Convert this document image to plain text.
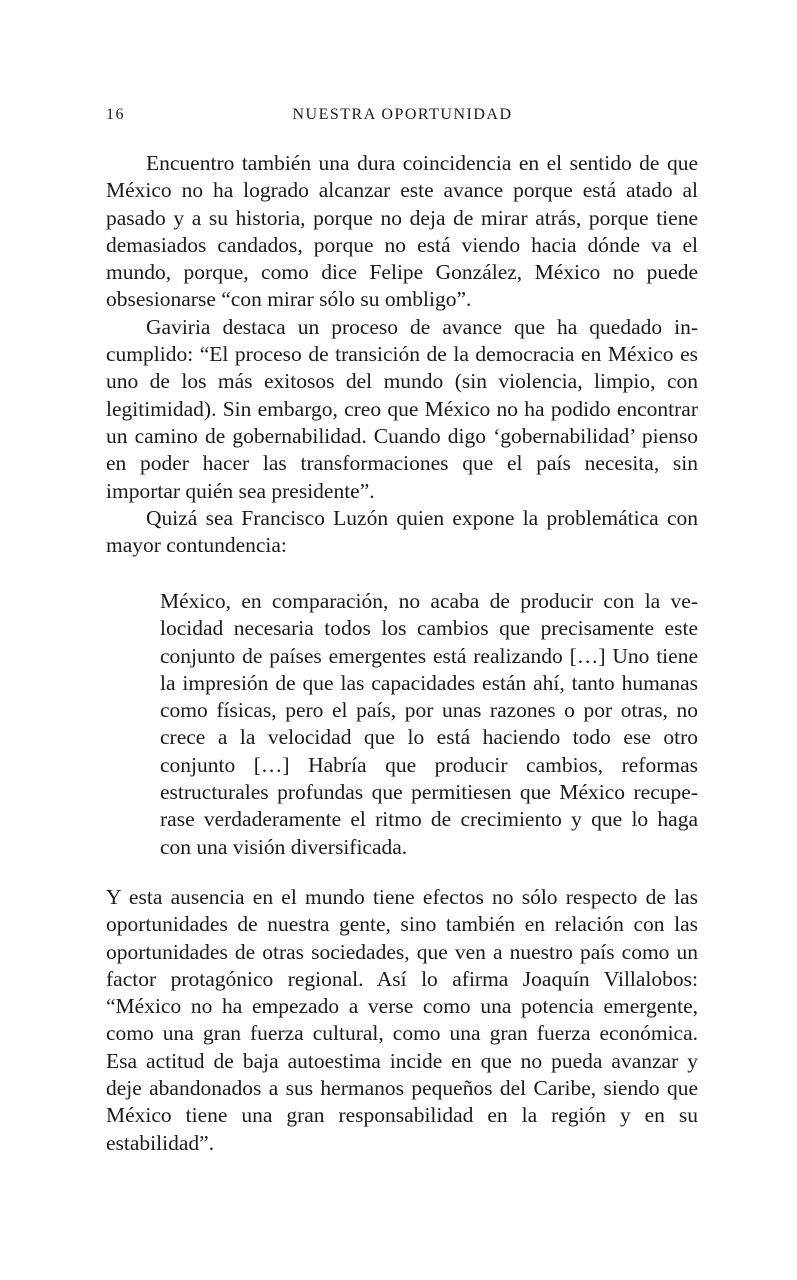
16	NUESTRA OPORTUNIDAD

Encuentro también una dura coincidencia en el sentido de que México no ha logrado alcanzar este avance porque está atado al pasado y a su historia, porque no deja de mirar atrás, porque tiene demasiados candados, porque no está viendo hacia dónde va el mundo, porque, como dice Felipe González, México no puede obsesionarse “con mirar sólo su ombligo”.

Gaviria destaca un proceso de avance que ha quedado incumplido: “El proceso de transición de la democracia en México es uno de los más exitosos del mundo (sin violencia, limpio, con legitimidad). Sin embargo, creo que México no ha podido encontrar un camino de gobernabilidad. Cuando digo ‘gobernabilidad’ pienso en poder hacer las transformaciones que el país necesita, sin importar quién sea presidente”.

Quizá sea Francisco Luzón quien expone la problemática con mayor contundencia:

México, en comparación, no acaba de producir con la velocidad necesaria todos los cambios que precisamente este conjunto de países emergentes está realizando […] Uno tiene la impresión de que las capacidades están ahí, tanto humanas como físicas, pero el país, por unas razones o por otras, no crece a la velocidad que lo está haciendo todo ese otro conjunto […] Habría que producir cambios, reformas estructurales profundas que permitiesen que México recuperase verdaderamente el ritmo de crecimiento y que lo haga con una visión diversificada.

Y esta ausencia en el mundo tiene efectos no sólo respecto de las oportunidades de nuestra gente, sino también en relación con las oportunidades de otras sociedades, que ven a nuestro país como un factor protagónico regional. Así lo afirma Joaquín Villalobos: “México no ha empezado a verse como una potencia emergente, como una gran fuerza cultural, como una gran fuerza económica. Esa actitud de baja autoestima incide en que no pueda avanzar y deje abandonados a sus hermanos pequeños del Caribe, siendo que México tiene una gran responsabilidad en la región y en su estabilidad”.
